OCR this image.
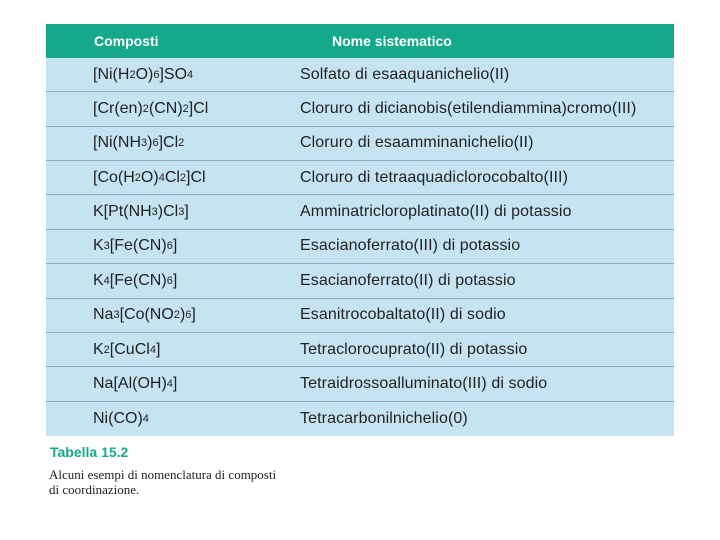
Composti	Nome sistematico
[Ni(H 2 O) 6 ]SO 4	Solfato di esaaquanichelio(II)
[Cr(en) 2 (CN) 2 ]Cl	Cloruro di dicianobis(etilendiammina)cromo(III)
[Ni(NH 3 ) 6 ]Cl 2	Cloruro di esaamminanichelio(II)
[Co(H 2 O) 4 Cl 2 ]Cl	Cloruro di tetraaquadiclorocobalto(III)
K[Pt(NH 3 )Cl 3 ]	Amminatricloroplatinato(II) di potassio
K 3 [Fe(CN) 6 ]	Esacianoferrato(III) di potassio
K 4 [Fe(CN) 6 ]	Esacianoferrato(II) di potassio
Na 3 [Co(NO 2 ) 6 ]	Esanitrocobaltato(II) di sodio
K 2 [CuCl 4 ]	Tetraclorocuprato(II) di potassio
Na[Al(OH) 4 ]	Tetraidrossoalluminato(III) di sodio
Ni(CO) 4	Tetracarbonilnichelio(0)
Tabella 15.2
Alcuni esempi di nomenclatura di composti di coordinazione.
